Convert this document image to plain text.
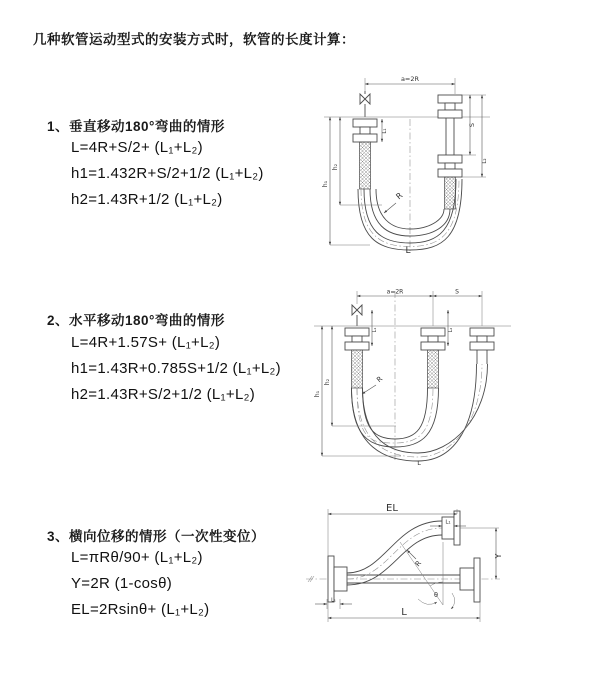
几种软管运动型式的安装方式时，软管的长度计算：
1、垂直移动180°弯曲的情形
L=4R+S/2+ (L₁+L₂)
h1=1.432R+S/2+1/2 (L₁+L₂)
h2=1.43R+1/2 (L₁+L₂)
a=2R
h₁
h₂
L₁
S
L₂
R
L
2、水平移动180°弯曲的情形
L=4R+1.57S+ (L₁+L₂)
h1=1.43R+0.785S+1/2 (L₁+L₂)
h2=1.43R+S/2+1/2 (L₁+L₂)
a=2R	S
h₁
h₂
L₁	L₂
R
L
3、横向位移的情形（一次性变位）
L=πRθ/90+ (L₁+L₂)
Y=2R (1-cosθ)
EL=2Rsinθ+ (L₁+L₂)
EL
L₁
Y
θ
R
L₁
L
